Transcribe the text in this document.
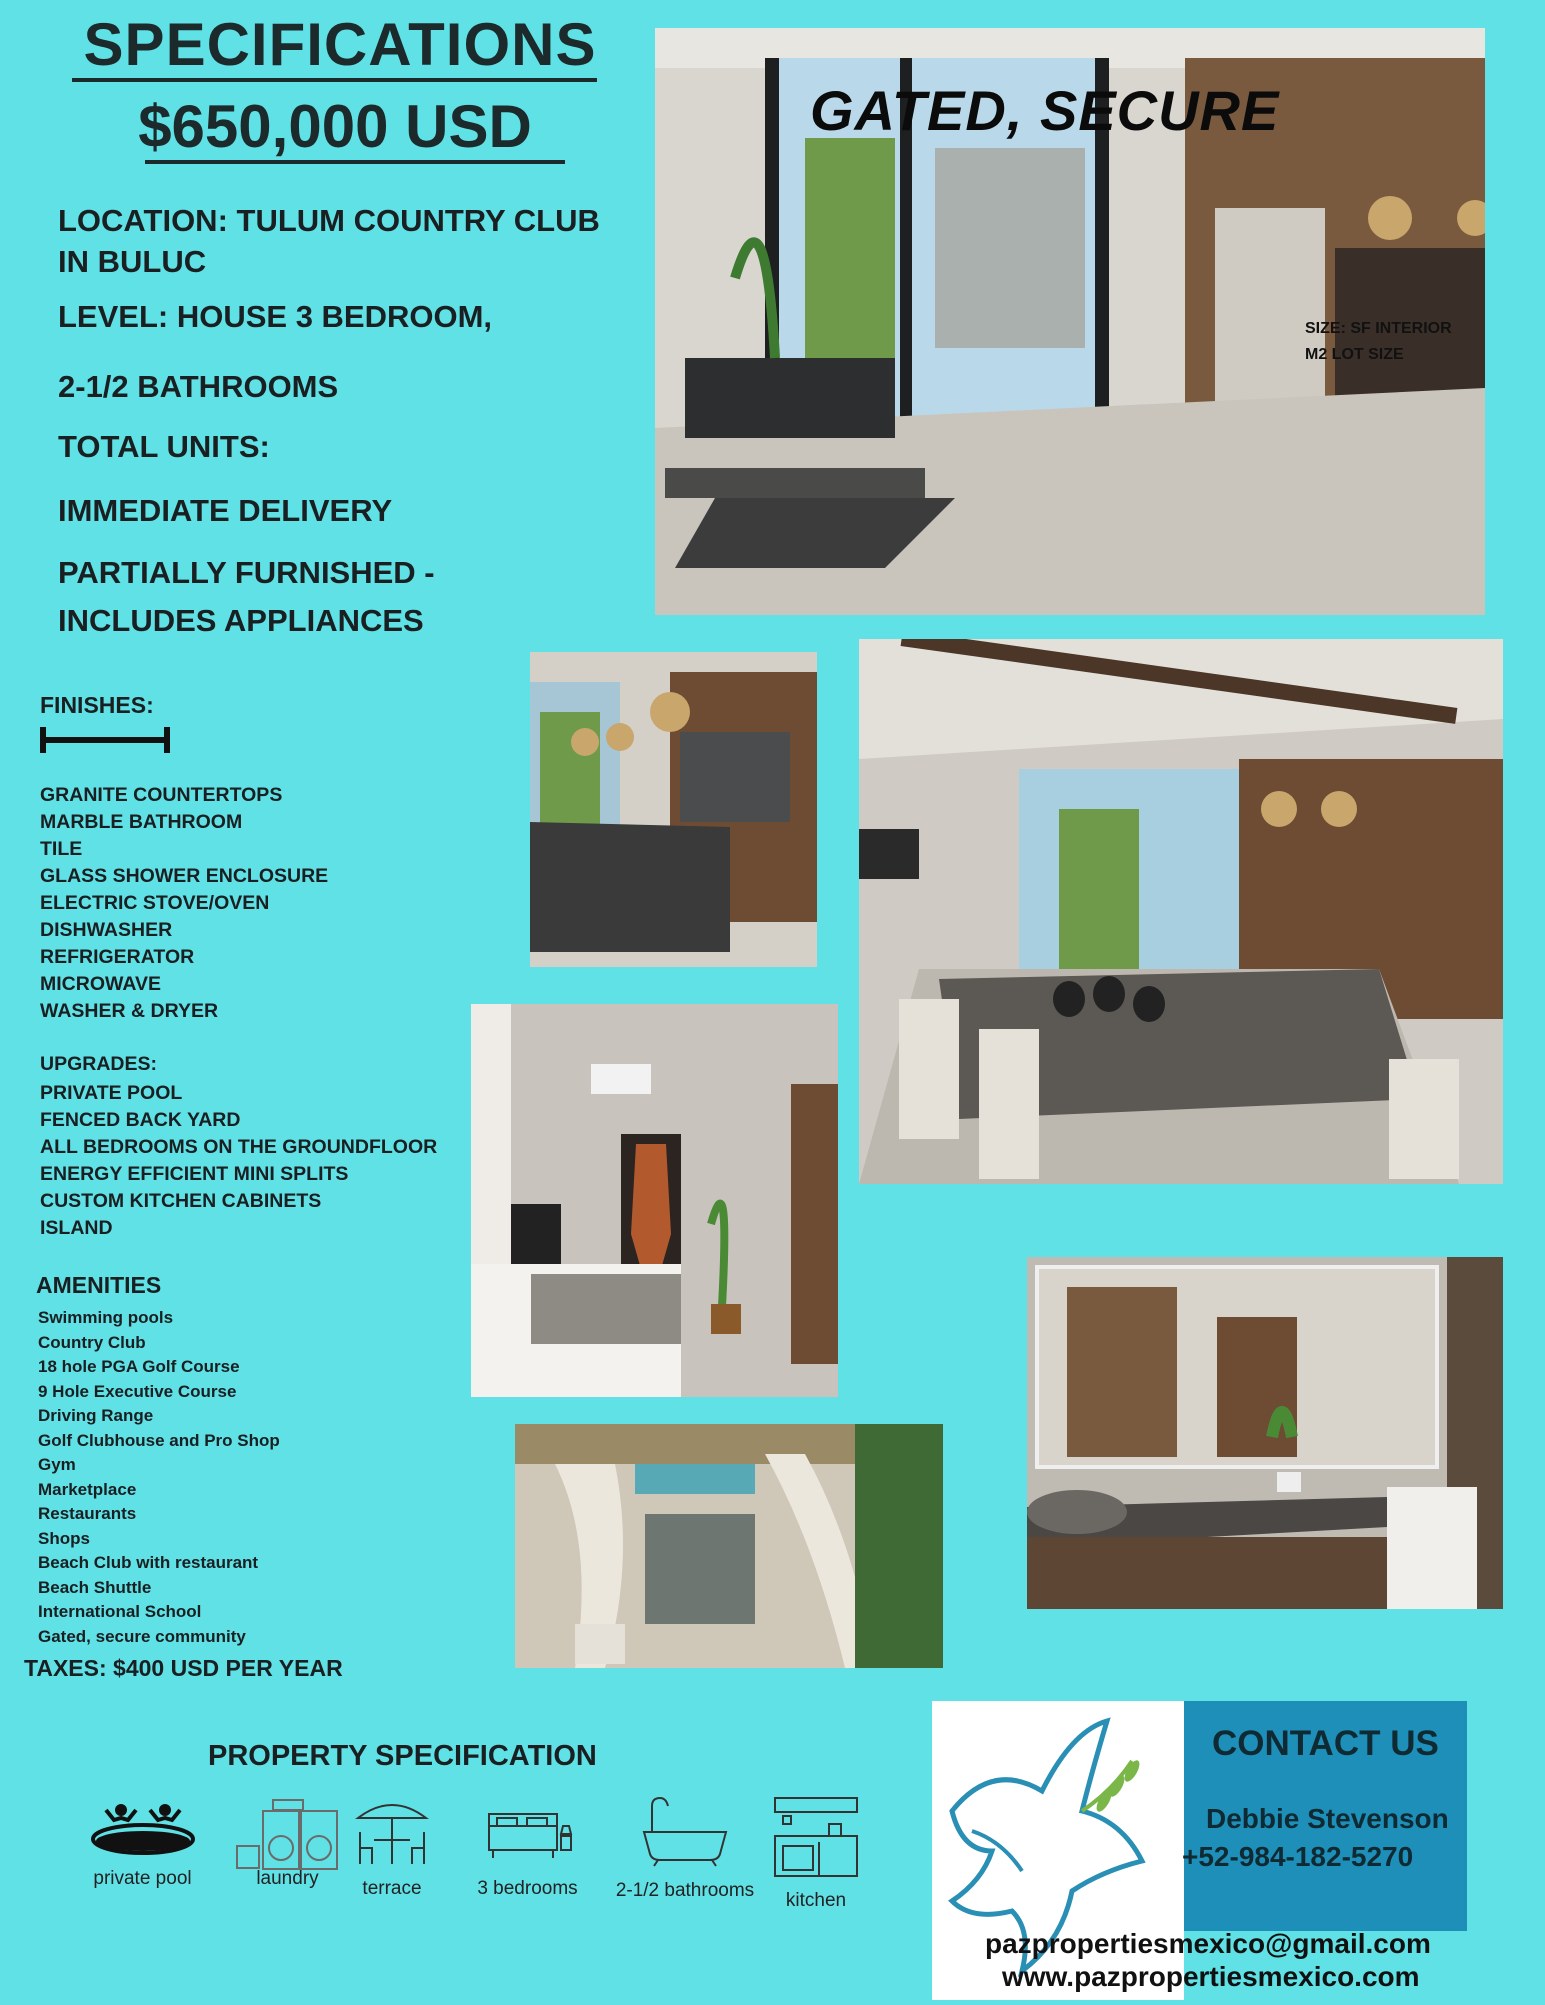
SPECIFICATIONS
$650,000 USD
LOCATION: TULUM COUNTRY CLUB
IN BULUC
LEVEL: HOUSE 3 BEDROOM,
2-1/2 BATHROOMS
TOTAL UNITS:
IMMEDIATE DELIVERY
PARTIALLY FURNISHED -
INCLUDES APPLIANCES
GATED, SECURE
SIZE: SF INTERIOR
M2 LOT SIZE
FINISHES:
GRANITE COUNTERTOPS
MARBLE BATHROOM
TILE
GLASS SHOWER ENCLOSURE
ELECTRIC STOVE/OVEN
DISHWASHER
REFRIGERATOR
MICROWAVE
WASHER & DRYER
UPGRADES:
PRIVATE POOL
FENCED BACK YARD
ALL BEDROOMS ON THE GROUNDFLOOR
ENERGY EFFICIENT MINI SPLITS
CUSTOM KITCHEN CABINETS
ISLAND
AMENITIES
Swimming pools
Country Club
18 hole PGA Golf Course
9 Hole Executive Course
Driving Range
Golf Clubhouse and Pro Shop
Gym
Marketplace
Restaurants
Shops
Beach Club with restaurant
Beach Shuttle
International School
Gated, secure community
TAXES: $400 USD PER YEAR
PROPERTY SPECIFICATION
private pool	laundry	terrace	3 bedrooms	2-1/2 bathrooms	kitchen
CONTACT US
Debbie Stevenson
+52-984-182-5270
pazpropertiesmexico@gmail.com
www.pazpropertiesmexico.com
